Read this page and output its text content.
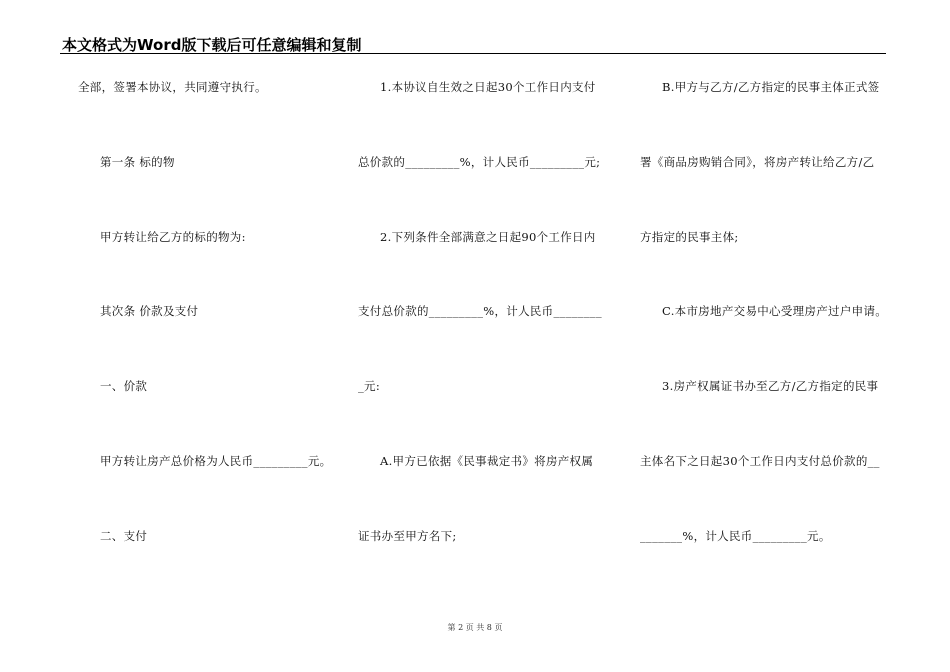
本文格式为Word版下载后可任意编辑和复制
全部，签署本协议，共同遵守执行。
第一条 标的物
甲方转让给乙方的标的物为:
其次条 价款及支付
一、价款
甲方转让房产总价格为人民币_________元。
二、支付
1.本协议自生效之日起30个工作日内支付
总价款的_________%，计人民币_________元;
2.下列条件全部满意之日起90个工作日内
支付总价款的_________%，计人民币________
_元:
A.甲方已依据《民事裁定书》将房产权属
证书办至甲方名下;
B.甲方与乙方/乙方指定的民事主体正式签
署《商品房购销合同》，将房产转让给乙方/乙
方指定的民事主体;
C.本市房地产交易中心受理房产过户申请。
3.房产权属证书办至乙方/乙方指定的民事
主体名下之日起30个工作日内支付总价款的__
_______%，计人民币_________元。
第 2 页 共 8 页
